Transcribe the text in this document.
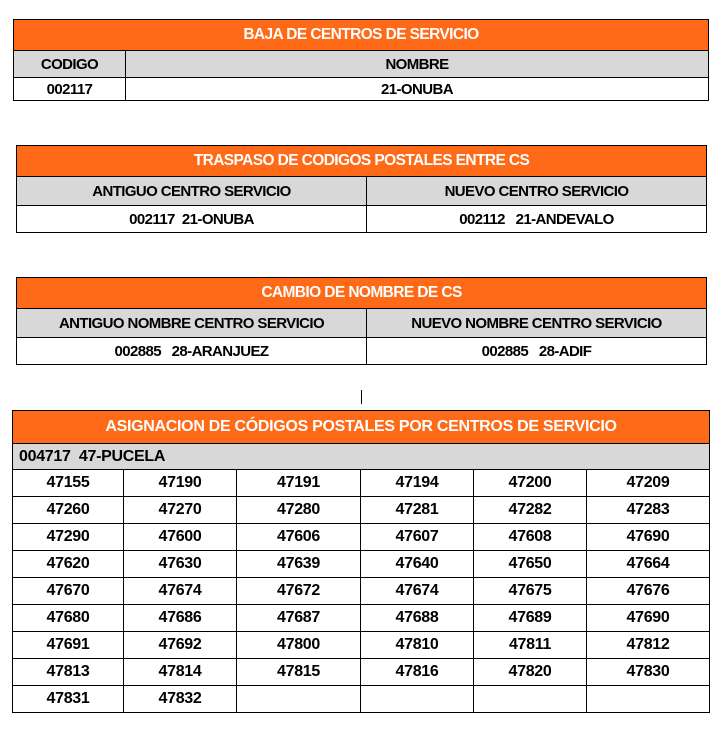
BAJA DE CENTROS DE SERVICIO	
CODIGO	NOMBRE
002117	21-ONUBA
TRASPASO DE CODIGOS POSTALES ENTRE CS	
ANTIGUO CENTRO SERVICIO	NUEVO CENTRO SERVICIO
002117  21-ONUBA	002112   21-ANDEVALO
CAMBIO DE NOMBRE DE CS	
ANTIGUO NOMBRE CENTRO SERVICIO	NUEVO NOMBRE CENTRO SERVICIO
002885   28-ARANJUEZ	002885   28-ADIF
ASIGNACION DE CÓDIGOS POSTALES POR CENTROS DE SERVICIO					
004717  47-PUCELA					
47155	47190	47191	47194	47200	47209
47260	47270	47280	47281	47282	47283
47290	47600	47606	47607	47608	47690
47620	47630	47639	47640	47650	47664
47670	47674	47672	47674	47675	47676
47680	47686	47687	47688	47689	47690
47691	47692	47800	47810	47811	47812
47813	47814	47815	47816	47820	47830
47831	47832				
